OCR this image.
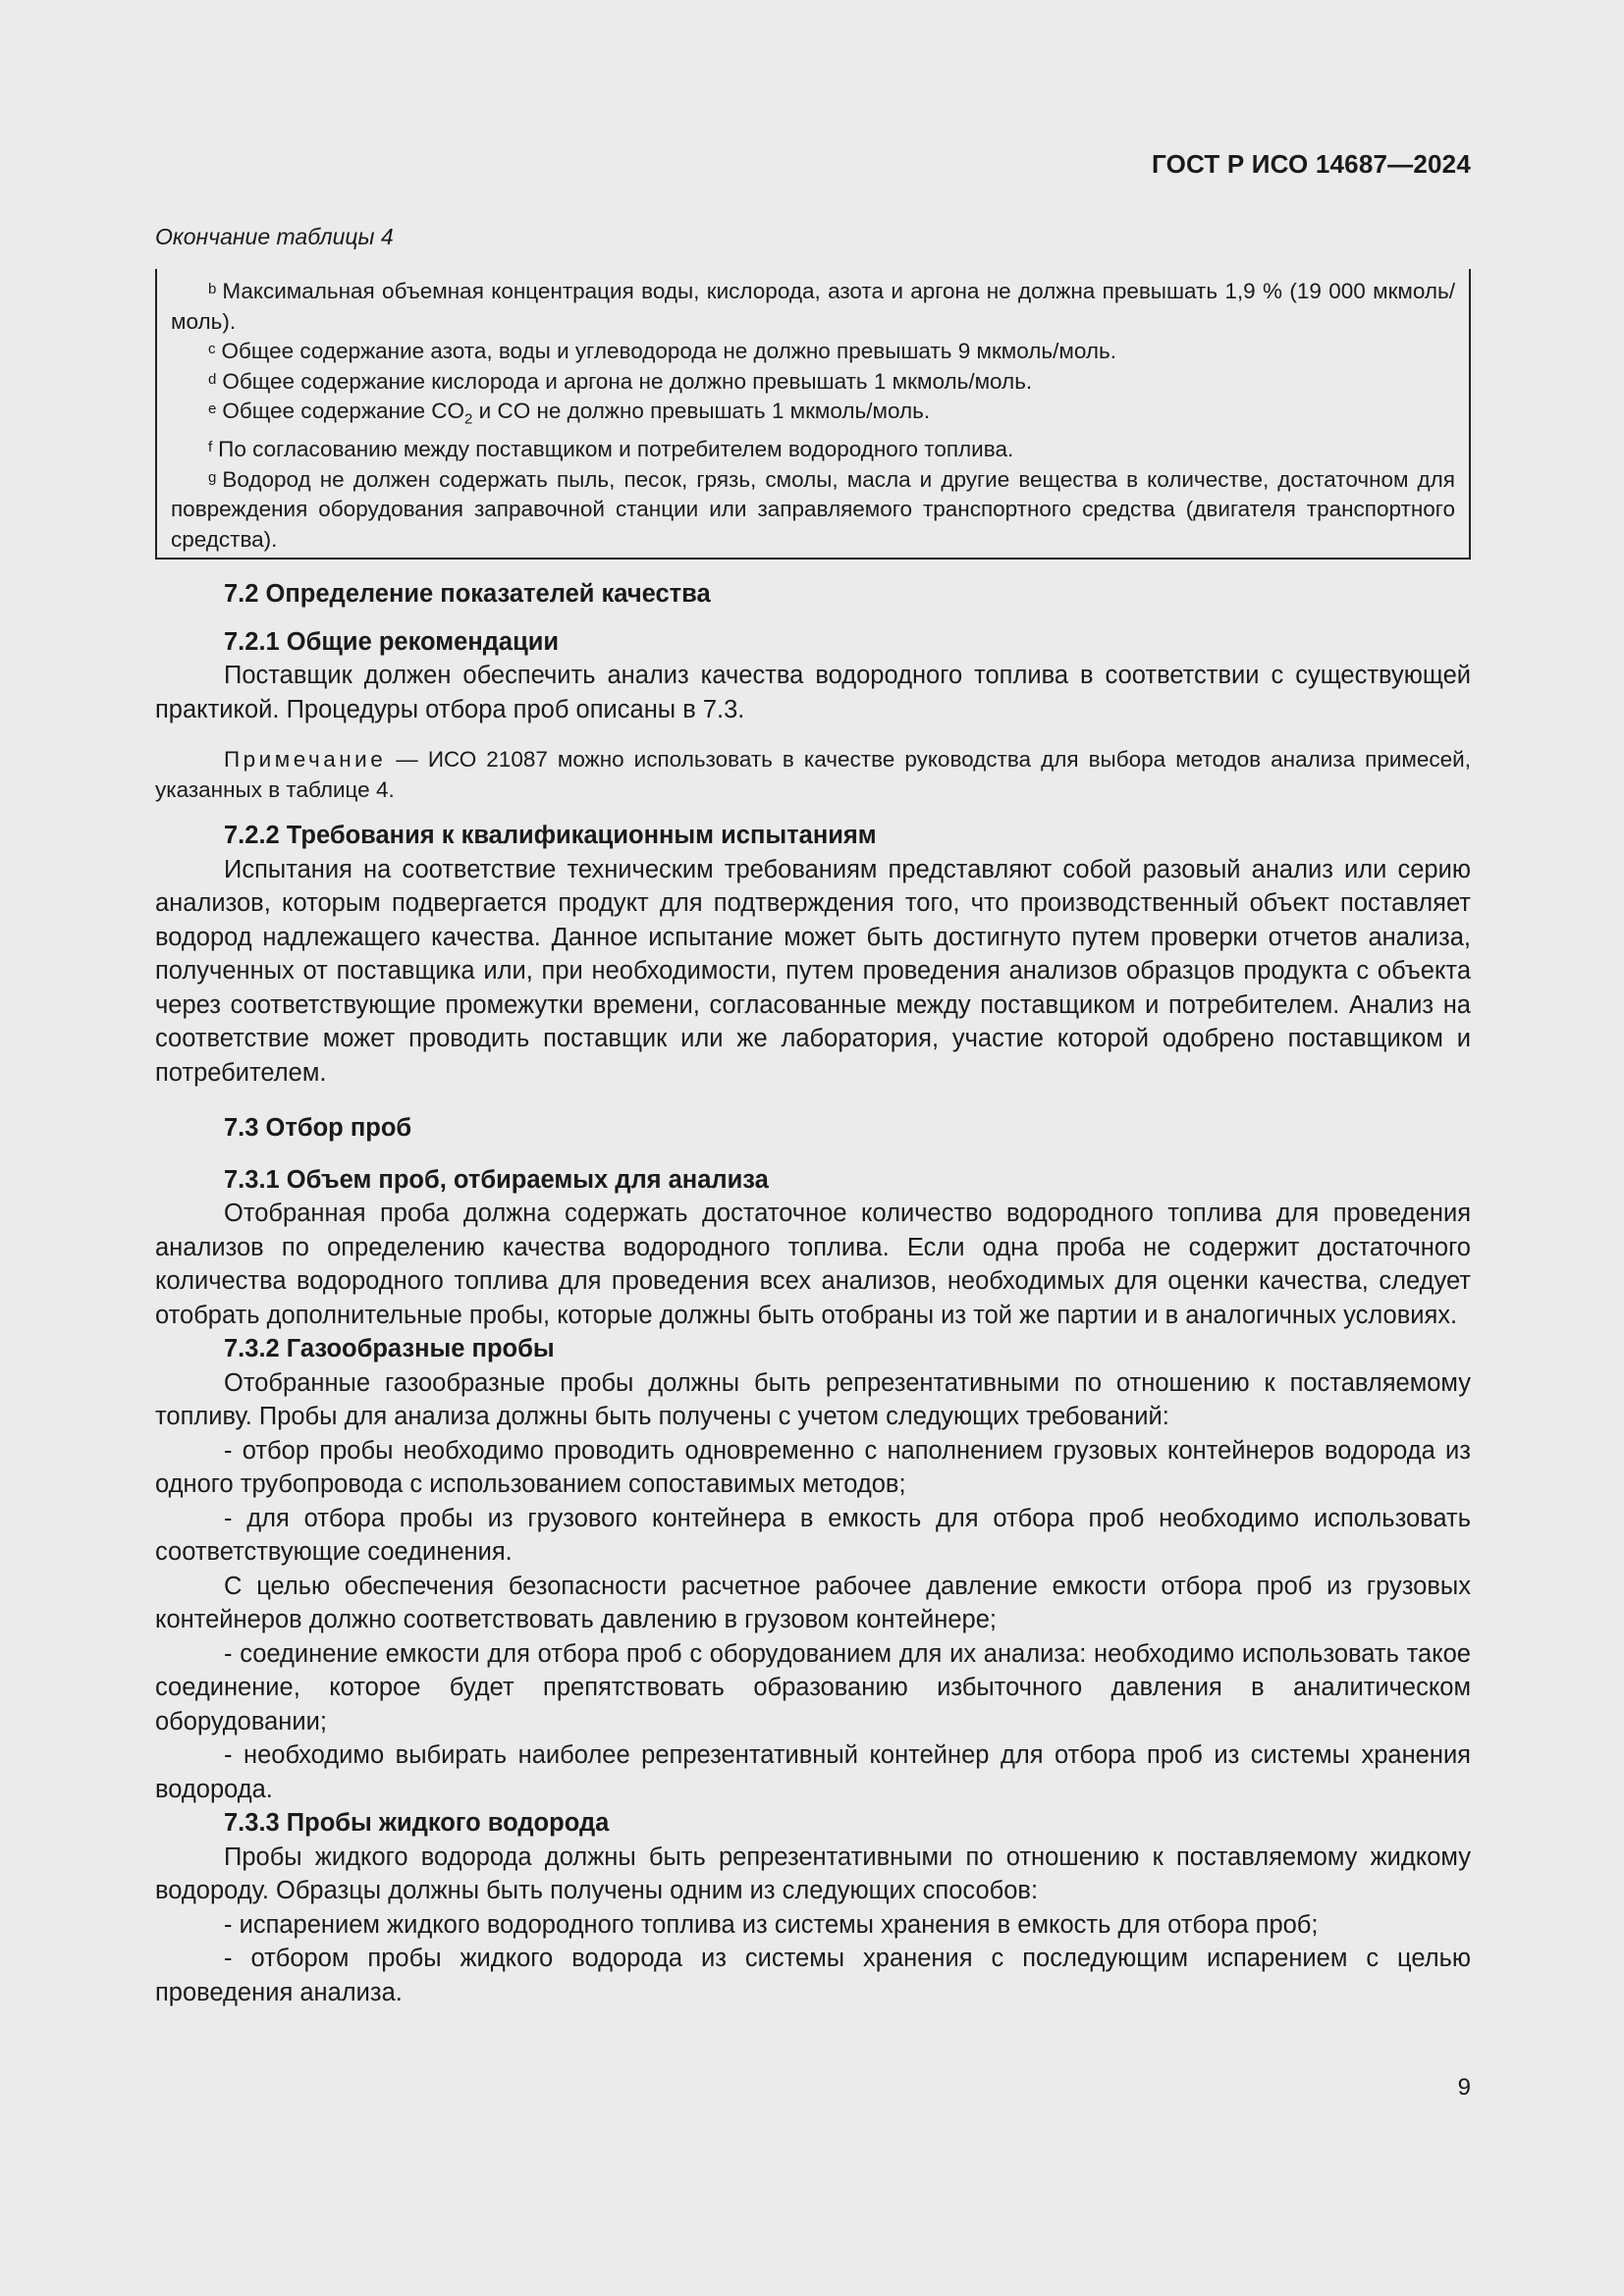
ГОСТ Р ИСО 14687—2024
Окончание таблицы 4

$^b$ Максимальная объемная концентрация воды, кислорода, азота и аргона не должна превышать 1,9 % (19 000 мкмоль/моль).

$^c$ Общее содержание азота, воды и углеводорода не должно превышать 9 мкмоль/моль.

$^d$ Общее содержание кислорода и аргона не должно превышать 1 мкмоль/моль.

$^e$ Общее содержание $CO_2$ и CO не должно превышать 1 мкмоль/моль.

$^f$ По согласованию между поставщиком и потребителем водородного топлива.

$^g$ Водород не должен содержать пыль, песок, грязь, смолы, масла и другие вещества в количестве, достаточном для повреждения оборудования заправочной станции или заправляемого транспортного средства (двигателя транспортного средства).

7.2 Определение показателей качества

7.2.1 Общие рекомендации

Поставщик должен обеспечить анализ качества водородного топлива в соответствии с существующей практикой. Процедуры отбора проб описаны в 7.3.

Примечание — ИСО 21087 можно использовать в качестве руководства для выбора методов анализа примесей, указанных в таблице 4.

7.2.2 Требования к квалификационным испытаниям

Испытания на соответствие техническим требованиям представляют собой разовый анализ или серию анализов, которым подвергается продукт для подтверждения того, что производственный объект поставляет водород надлежащего качества. Данное испытание может быть достигнуто путем проверки отчетов анализа, полученных от поставщика или, при необходимости, путем проведения анализов образцов продукта с объекта через соответствующие промежутки времени, согласованные между поставщиком и потребителем. Анализ на соответствие может проводить поставщик или же лаборатория, участие которой одобрено поставщиком и потребителем.

7.3 Отбор проб

7.3.1 Объем проб, отбираемых для анализа

Отобранная проба должна содержать достаточное количество водородного топлива для проведения анализов по определению качества водородного топлива. Если одна проба не содержит достаточного количества водородного топлива для проведения всех анализов, необходимых для оценки качества, следует отобрать дополнительные пробы, которые должны быть отобраны из той же партии и в аналогичных условиях.

7.3.2 Газообразные пробы

Отобранные газообразные пробы должны быть репрезентативными по отношению к поставляемому топливу. Пробы для анализа должны быть получены с учетом следующих требований:

- отбор пробы необходимо проводить одновременно с наполнением грузовых контейнеров водорода из одного трубопровода с использованием сопоставимых методов;

- для отбора пробы из грузового контейнера в емкость для отбора проб необходимо использовать соответствующие соединения.

С целью обеспечения безопасности расчетное рабочее давление емкости отбора проб из грузовых контейнеров должно соответствовать давлению в грузовом контейнере;

- соединение емкости для отбора проб с оборудованием для их анализа: необходимо использовать такое соединение, которое будет препятствовать образованию избыточного давления в аналитическом оборудовании;

- необходимо выбирать наиболее репрезентативный контейнер для отбора проб из системы хранения водорода.

7.3.3 Пробы жидкого водорода

Пробы жидкого водорода должны быть репрезентативными по отношению к поставляемому жидкому водороду. Образцы должны быть получены одним из следующих способов:

- испарением жидкого водородного топлива из системы хранения в емкость для отбора проб;

- отбором пробы жидкого водорода из системы хранения с последующим испарением с целью проведения анализа.

9
